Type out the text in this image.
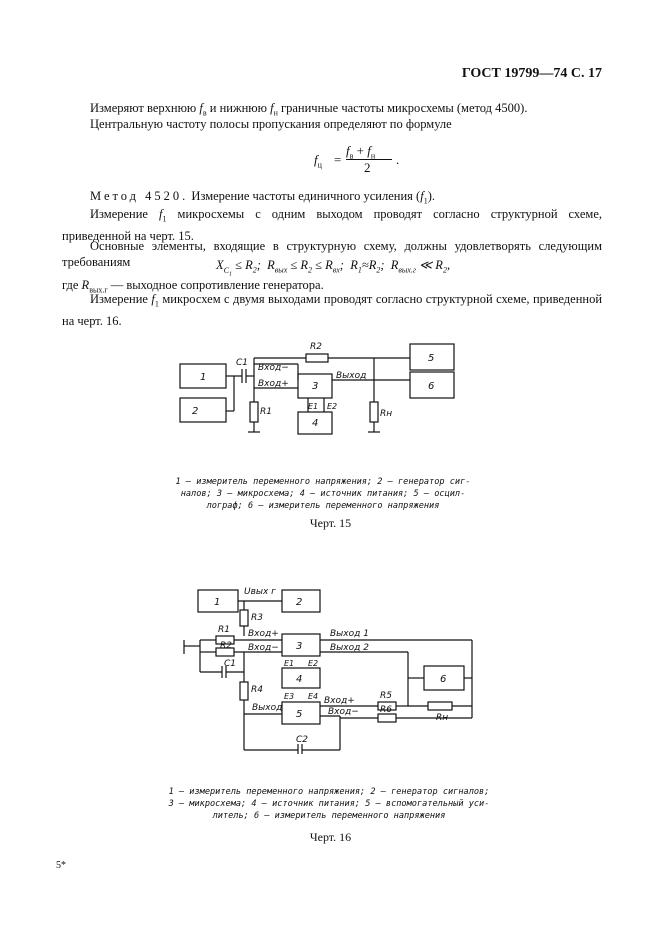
ГОСТ 19799—74 С. 17
Измеряют верхнюю $f_в$ и нижнюю $f_н$ граничные частоты микросхемы (метод 4500).
Центральную частоту полосы пропускания определяют по формуле
$f_ц$ =
$f_в + f_н$
2
.
Метод 4520. Измерение частоты единичного усиления $(f_1)$.
Измерение $f_1$ микросхемы с одним выходом проводят согласно структурной схеме, приведенной на черт. 15.
Основные элементы, входящие в структурную схему, должны удовлетворять следующим требованиям	$X_{C_1} \le R_2$;  $R_{вых} \le R_2 \le R_{вх}$;  $R_1\approx R_2$;  $R_{вых.г}$ ≪ $R_2$,
где $R_{вых.г}$ — выходное сопротивление генератора.
Измерение $f_1$ микросхем с двумя выходами проводят согласно структурной схеме, приведенной на черт. 16.
1
2
C1
R2
Вход−
Вход+
R1
3
Выход
E1 E2
4
Rн
5
6
1 — измеритель переменного напряжения; 2 — генератор сиг-
налов; 3 — микросхема; 4 — источник питания; 5 — осцил-
лограф; 6 — измеритель переменного напряжения
Черт. 15
1
Uвых г
2
R3
R1 Вход+
R2 Вход−
C1
R4
Выход
3
Выход 1
Выход 2
E1 E2
4
E3 E4
5
Вход+
Вход−
R5
R6
Rн
6
C2
1 — измеритель переменного напряжения; 2 — генератор сигналов;
3 — микросхема; 4 — источник питания; 5 — вспомогательный уси-
литель; 6 — измеритель переменного напряжения
Черт. 16
5*
